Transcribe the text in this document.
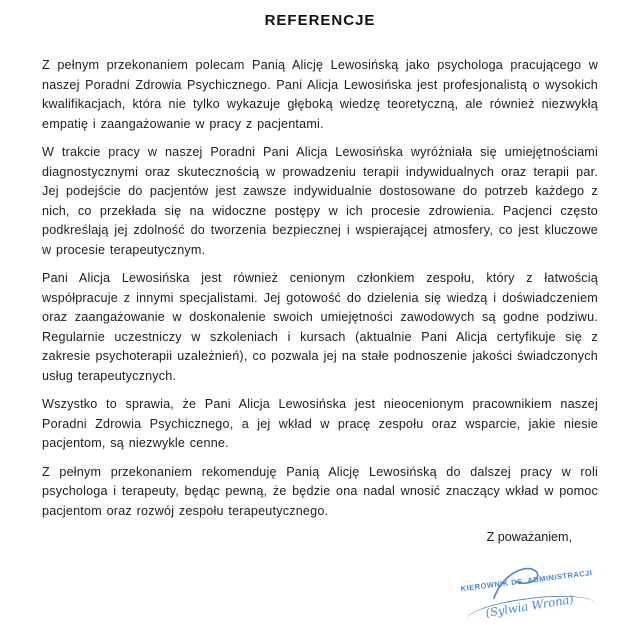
REFERENCJE

Z pełnym przekonaniem polecam Panią Alicję Lewosińską jako psychologa pracującego w naszej Poradni Zdrowia Psychicznego. Pani Alicja Lewosińska jest profesjonalistą o wysokich kwalifikacjach, która nie tylko wykazuje głęboką wiedzę teoretyczną, ale również niezwykłą empatię i zaangażowanie w pracy z pacjentami.

W trakcie pracy w naszej Poradni Pani Alicja Lewosińska wyróżniała się umiejętnościami diagnostycznymi oraz skutecznością w prowadzeniu terapii indywidualnych oraz terapii par. Jej podejście do pacjentów jest zawsze indywidualnie dostosowane do potrzeb każdego z nich, co przekłada się na widoczne postępy w ich procesie zdrowienia. Pacjenci często podkreślają jej zdolność do tworzenia bezpiecznej i wspierającej atmosfery, co jest kluczowe w procesie terapeutycznym.

Pani Alicja Lewosińska jest również cenionym członkiem zespołu, który z łatwością współpracuje z innymi specjalistami. Jej gotowość do dzielenia się wiedzą i doświadczeniem oraz zaangażowanie w doskonalenie swoich umiejętności zawodowych są godne podziwu. Regularnie uczestniczy w szkoleniach i kursach (aktualnie Pani Alicja certyfikuje się z zakresie psychoterapii uzależnień), co pozwala jej na stałe podnoszenie jakości świadczonych usług terapeutycznych.

Wszystko to sprawia, że Pani Alicja Lewosińska jest nieocenionym pracownikiem naszej Poradni Zdrowia Psychicznego, a jej wkład w pracę zespołu oraz wsparcie, jakie niesie pacjentom, są niezwykle cenne.

Z pełnym przekonaniem rekomenduję Panią Alicję Lewosińską do dalszej pracy w roli psychologa i terapeuty, będąc pewną, że będzie ona nadal wnosić znaczący wkład w pomoc pacjentom oraz rozwój zespołu terapeutycznego.

Z poważaniem,
KIEROWNIK DS. ADMINISTRACJI
(Sylwia Wrona)
